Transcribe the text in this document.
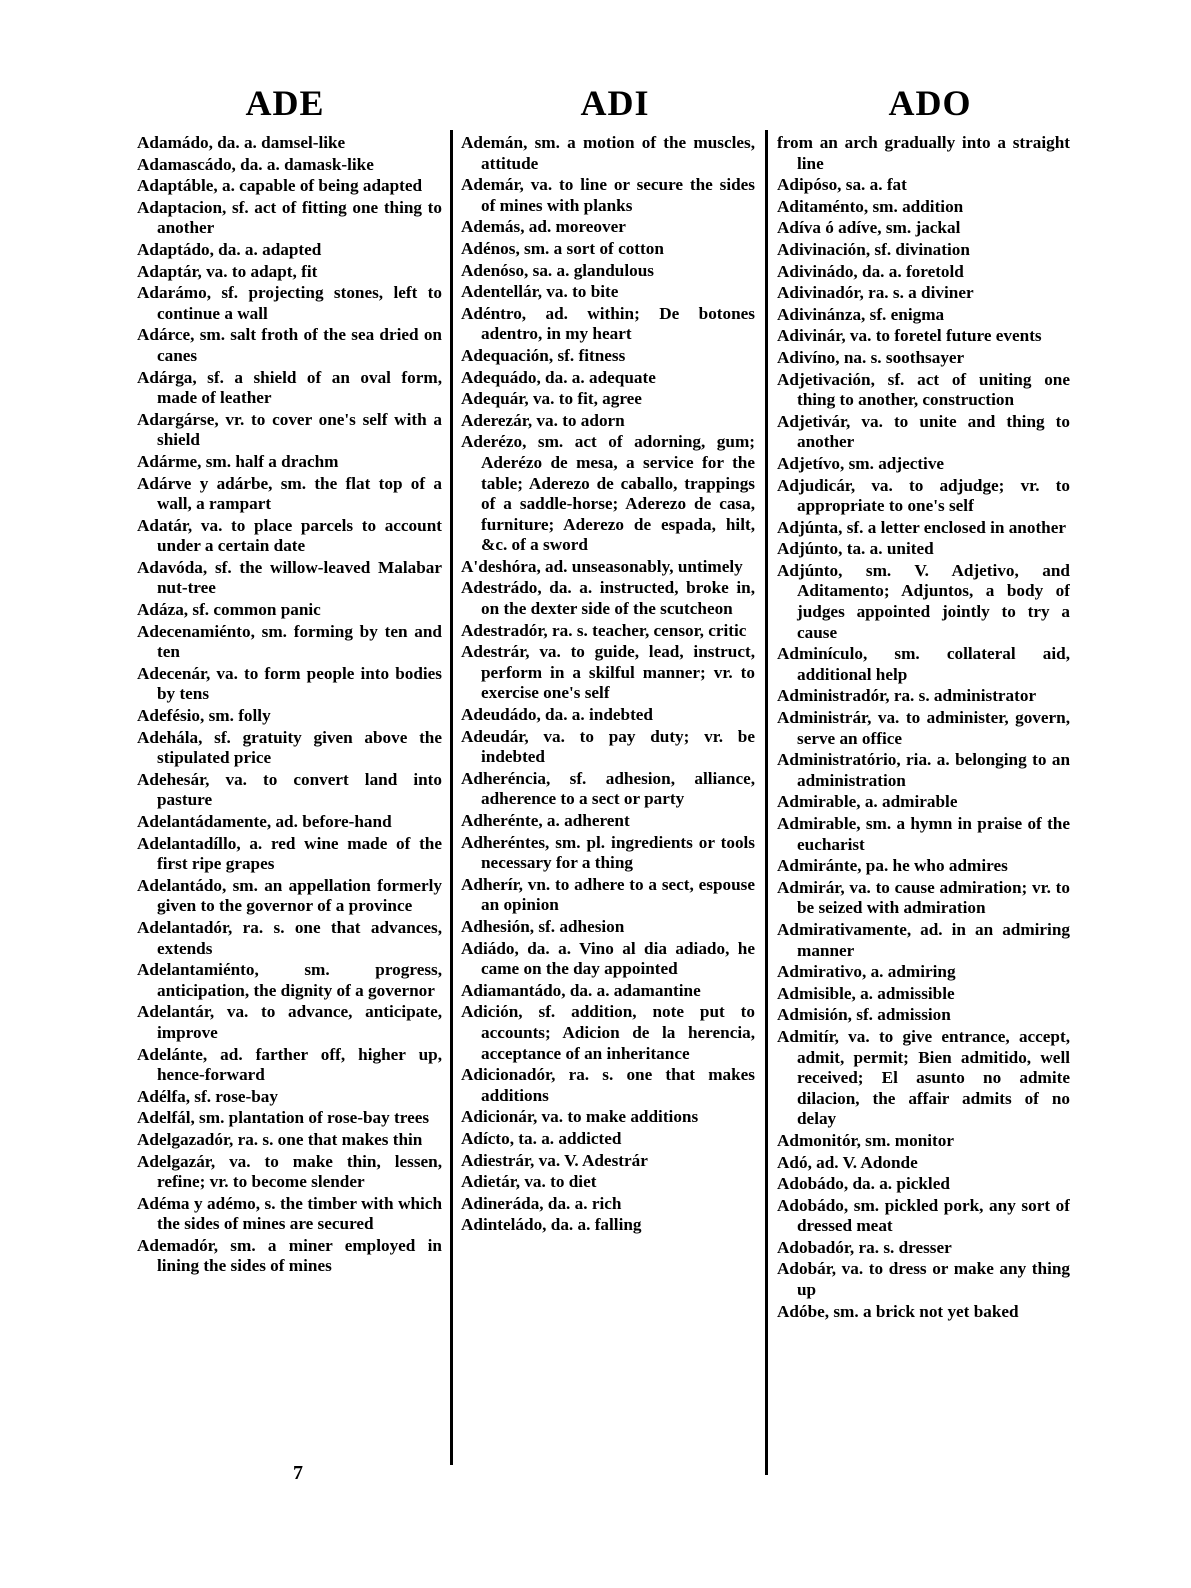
ADE	ADI	ADO
Adamádo, da. a. damsel-like
Adamascádo, da. a. damask-like
Adaptáble, a. capable of being adapted
Adaptacion, sf. act of fitting one thing to another
Adaptádo, da. a. adapted
Adaptár, va. to adapt, fit
Adarámo, sf. projecting stones, left to continue a wall
Adárce, sm. salt froth of the sea dried on canes
Adárga, sf. a shield of an oval form, made of leather
Adargárse, vr. to cover one's self with a shield
Adárme, sm. half a drachm
Adárve y adárbe, sm. the flat top of a wall, a rampart
Adatár, va. to place parcels to account under a certain date
Adavóda, sf. the willow-leaved Malabar nut-tree
Adáza, sf. common panic
Adecenamiénto, sm. forming by ten and ten
Adecenár, va. to form people into bodies by tens
Adefésio, sm. folly
Adehála, sf. gratuity given above the stipulated price
Adehesár, va. to convert land into pasture
Adelantádamente, ad. before-hand
Adelantadíllo, a. red wine made of the first ripe grapes
Adelantádo, sm. an appellation formerly given to the governor of a province
Adelantadór, ra. s. one that advances, extends
Adelantamiénto, sm. progress, anticipation, the dignity of a governor
Adelantár, va. to advance, anticipate, improve
Adelánte, ad. farther off, higher up, hence-forward
Adélfa, sf. rose-bay
Adelfál, sm. plantation of rose-bay trees
Adelgazadór, ra. s. one that makes thin
Adelgazár, va. to make thin, lessen, refine; vr. to become slender
Adéma y adémo, s. the timber with which the sides of mines are secured
Ademadór, sm. a miner employed in lining the sides of mines
Ademán, sm. a motion of the muscles, attitude
Ademár, va. to line or secure the sides of mines with planks
Además, ad. moreover
Adénos, sm. a sort of cotton
Adenóso, sa. a. glandulous
Adentellár, va. to bite
Adéntro, ad. within; De botones adentro, in my heart
Adequación, sf. fitness
Adequádo, da. a. adequate
Adequár, va. to fit, agree
Aderezár, va. to adorn
Aderézo, sm. act of adorning, gum; Aderézo de mesa, a service for the table; Aderezo de caballo, trappings of a saddle-horse; Aderezo de casa, furniture; Aderezo de espada, hilt, &c. of a sword
A'deshóra, ad. unseasonably, untimely
Adestrádo, da. a. instructed, broke in, on the dexter side of the scutcheon
Adestradór, ra. s. teacher, censor, critic
Adestrár, va. to guide, lead, instruct, perform in a skilful manner; vr. to exercise one's self
Adeudádo, da. a. indebted
Adeudár, va. to pay duty; vr. be indebted
Adheréncia, sf. adhesion, alliance, adherence to a sect or party
Adherénte, a. adherent
Adheréntes, sm. pl. ingredients or tools necessary for a thing
Adherír, vn. to adhere to a sect, espouse an opinion
Adhesión, sf. adhesion
Adiádo, da. a. Vino al dia adiado, he came on the day appointed
Adiamantádo, da. a. adamantine
Adición, sf. addition, note put to accounts; Adicion de la herencia, acceptance of an inheritance
Adicionadór, ra. s. one that makes additions
Adicionár, va. to make additions
Adícto, ta. a. addicted
Adiestrár, va. V. Adestrár
Adietár, va. to diet
Adineráda, da. a. rich
Adinteládo, da. a. falling
from an arch gradually into a straight line
Adipóso, sa. a. fat
Aditaménto, sm. addition
Adíva ó adíve, sm. jackal
Adivinación, sf. divination
Adivinádo, da. a. foretold
Adivinadór, ra. s. a diviner
Adivinánza, sf. enigma
Adivinár, va. to foretel future events
Adivíno, na. s. soothsayer
Adjetivación, sf. act of uniting one thing to another, construction
Adjetivár, va. to unite and thing to another
Adjetívo, sm. adjective
Adjudicár, va. to adjudge; vr. to appropriate to one's self
Adjúnta, sf. a letter enclosed in another
Adjúnto, ta. a. united
Adjúnto, sm. V. Adjetivo, and Aditamento; Adjuntos, a body of judges appointed jointly to try a cause
Adminículo, sm. collateral aid, additional help
Administradór, ra. s. administrator
Administrár, va. to administer, govern, serve an office
Administratório, ria. a. belonging to an administration
Admirable, a. admirable
Admirable, sm. a hymn in praise of the eucharist
Admiránte, pa. he who admires
Admirár, va. to cause admiration; vr. to be seized with admiration
Admirativamente, ad. in an admiring manner
Admirativo, a. admiring
Admisible, a. admissible
Admisión, sf. admission
Admitír, va. to give entrance, accept, admit, permit; Bien admitido, well received; El asunto no admite dilacion, the affair admits of no delay
Admonitór, sm. monitor
Adó, ad. V. Adonde
Adobádo, da. a. pickled
Adobádo, sm. pickled pork, any sort of dressed meat
Adobadór, ra. s. dresser
Adobár, va. to dress or make any thing up
Adóbe, sm. a brick not yet baked
7
